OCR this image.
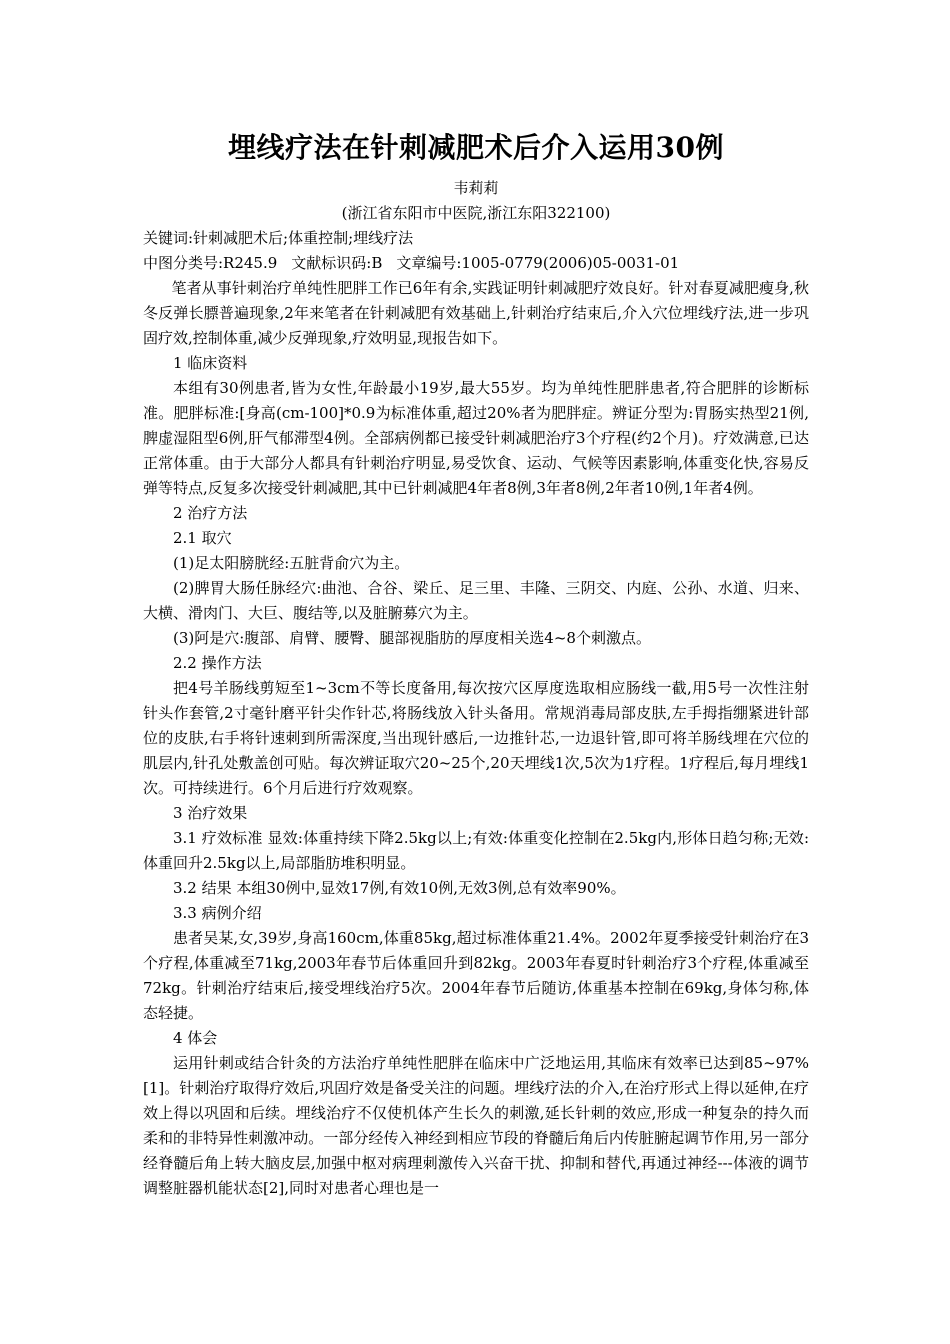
埋线疗法在针刺减肥术后介入运用30例

韦莉莉

(浙江省东阳市中医院,浙江东阳322100)

关键词:针刺减肥术后;体重控制;埋线疗法

中图分类号:R245.9 文献标识码:B 文章编号:1005-0779(2006)05-0031-01

笔者从事针刺治疗单纯性肥胖工作已6年有余,实践证明针刺减肥疗效良好。针对春夏减肥瘦身,秋冬反弹长膘普遍现象,2年来笔者在针刺减肥有效基础上,针刺治疗结束后,介入穴位埋线疗法,进一步巩固疗效,控制体重,减少反弹现象,疗效明显,现报告如下。

1 临床资料

本组有30例患者,皆为女性,年龄最小19岁,最大55岁。均为单纯性肥胖患者,符合肥胖的诊断标准。肥胖标准:[身高(cm-100]*0.9为标准体重,超过20%者为肥胖症。辨证分型为:胃肠实热型21例,脾虚湿阻型6例,肝气郁滞型4例。全部病例都已接受针刺减肥治疗3个疗程(约2个月)。疗效满意,已达正常体重。由于大部分人都具有针刺治疗明显,易受饮食、运动、气候等因素影响,体重变化快,容易反弹等特点,反复多次接受针刺减肥,其中已针刺减肥4年者8例,3年者8例,2年者10例,1年者4例。

2 治疗方法

2.1 取穴

(1)足太阳膀胱经:五脏背俞穴为主。

(2)脾胃大肠任脉经穴:曲池、合谷、梁丘、足三里、丰隆、三阴交、内庭、公孙、水道、归来、大横、滑肉门、大巨、腹结等,以及脏腑募穴为主。

(3)阿是穴:腹部、肩臂、腰臀、腿部视脂肪的厚度相关选4~8个刺激点。

2.2 操作方法

把4号羊肠线剪短至1~3cm不等长度备用,每次按穴区厚度选取相应肠线一截,用5号一次性注射针头作套管,2寸毫针磨平针尖作针芯,将肠线放入针头备用。常规消毒局部皮肤,左手拇指绷紧进针部位的皮肤,右手将针速刺到所需深度,当出现针感后,一边推针芯,一边退针管,即可将羊肠线埋在穴位的肌层内,针孔处敷盖创可贴。每次辨证取穴20~25个,20天埋线1次,5次为1疗程。1疗程后,每月埋线1次。可持续进行。6个月后进行疗效观察。

3 治疗效果

3.1 疗效标准 显效:体重持续下降2.5kg以上;有效:体重变化控制在2.5kg内,形体日趋匀称;无效:体重回升2.5kg以上,局部脂肪堆积明显。

3.2 结果 本组30例中,显效17例,有效10例,无效3例,总有效率90%。

3.3 病例介绍

患者吴某,女,39岁,身高160cm,体重85kg,超过标准体重21.4%。2002年夏季接受针刺治疗在3个疗程,体重减至71kg,2003年春节后体重回升到82kg。2003年春夏时针刺治疗3个疗程,体重减至72kg。针刺治疗结束后,接受埋线治疗5次。2004年春节后随访,体重基本控制在69kg,身体匀称,体态轻捷。

4 体会

运用针刺或结合针灸的方法治疗单纯性肥胖在临床中广泛地运用,其临床有效率已达到85~97%[1]。针刺治疗取得疗效后,巩固疗效是备受关注的问题。埋线疗法的介入,在治疗形式上得以延伸,在疗效上得以巩固和后续。埋线治疗不仅使机体产生长久的刺激,延长针刺的效应,形成一种复杂的持久而柔和的非特异性刺激冲动。一部分经传入神经到相应节段的脊髓后角后内传脏腑起调节作用,另一部分经脊髓后角上转大脑皮层,加强中枢对病理刺激传入兴奋干扰、抑制和替代,再通过神经---体液的调节调整脏器机能状态[2],同时对患者心理也是一
